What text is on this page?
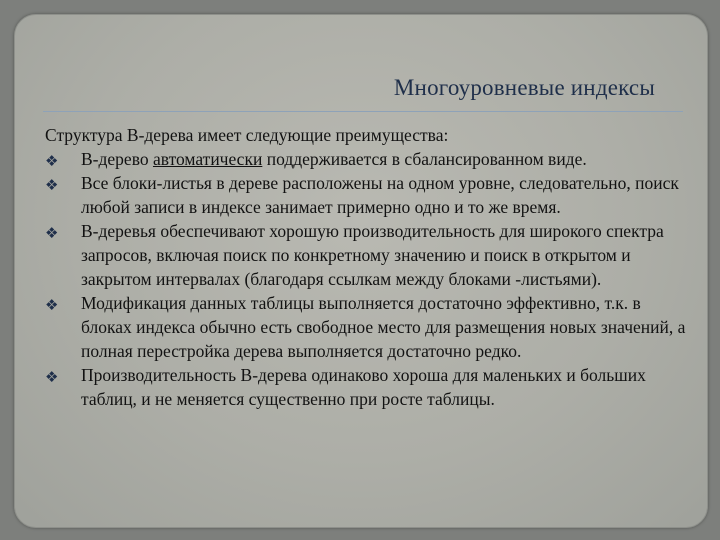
Многоуровневые индексы
Структура В-дерева имеет следующие преимущества:
❖ В-дерево автоматически поддерживается в сбалансированном виде.
❖ Все блоки-листья в дереве расположены на одном уровне, следовательно, поиск любой записи в индексе занимает примерно одно и то же время.
❖ В-деревья обеспечивают хорошую производительность для широкого спектра запросов, включая поиск по конкретному значению и поиск в открытом и закрытом интервалах (благодаря ссылкам между блоками -листьями).
❖ Модификация данных таблицы выполняется достаточно эффективно, т.к. в блоках индекса обычно есть свободное место для размещения новых значений, а полная перестройка дерева выполняется достаточно редко.
❖ Производительность В-дерева одинаково хороша для маленьких и больших таблиц, и не меняется существенно при росте таблицы.
